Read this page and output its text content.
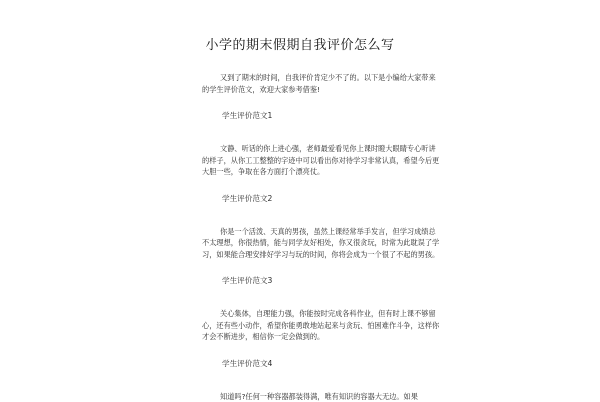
小学的期末假期自我评价怎么写

又到了期末的时间，自我评价肯定少不了的。以下是小编给大家带来的学生评价范文，欢迎大家参考借鉴!

学生评价范文1

文静、听话的你上进心强，老师最爱看见你上课时瞪大眼睛专心听讲的样子，从你工工整整的字迹中可以看出你对待学习非常认真，希望今后更大胆一些，争取在各方面打个漂亮仗。

学生评价范文2

你是一个活泼、天真的男孩，虽然上课经常举手发言，但学习成绩总不太理想，你很热情，能与同学友好相处，你又很贪玩，时常为此耽误了学习，如果能合理安排好学习与玩的时间，你将会成为一个很了不起的男孩。

学生评价范文3

关心集体，自理能力强，你能按时完成各科作业，但有时上课不够留心，还有些小动作，希望你能勇敢地站起来与贪玩、怕困难作斗争，这样你才会不断进步，相信你一定会做到的。

学生评价范文4

知道吗?任何一种容器都装得满，唯有知识的容器大无边。如果
